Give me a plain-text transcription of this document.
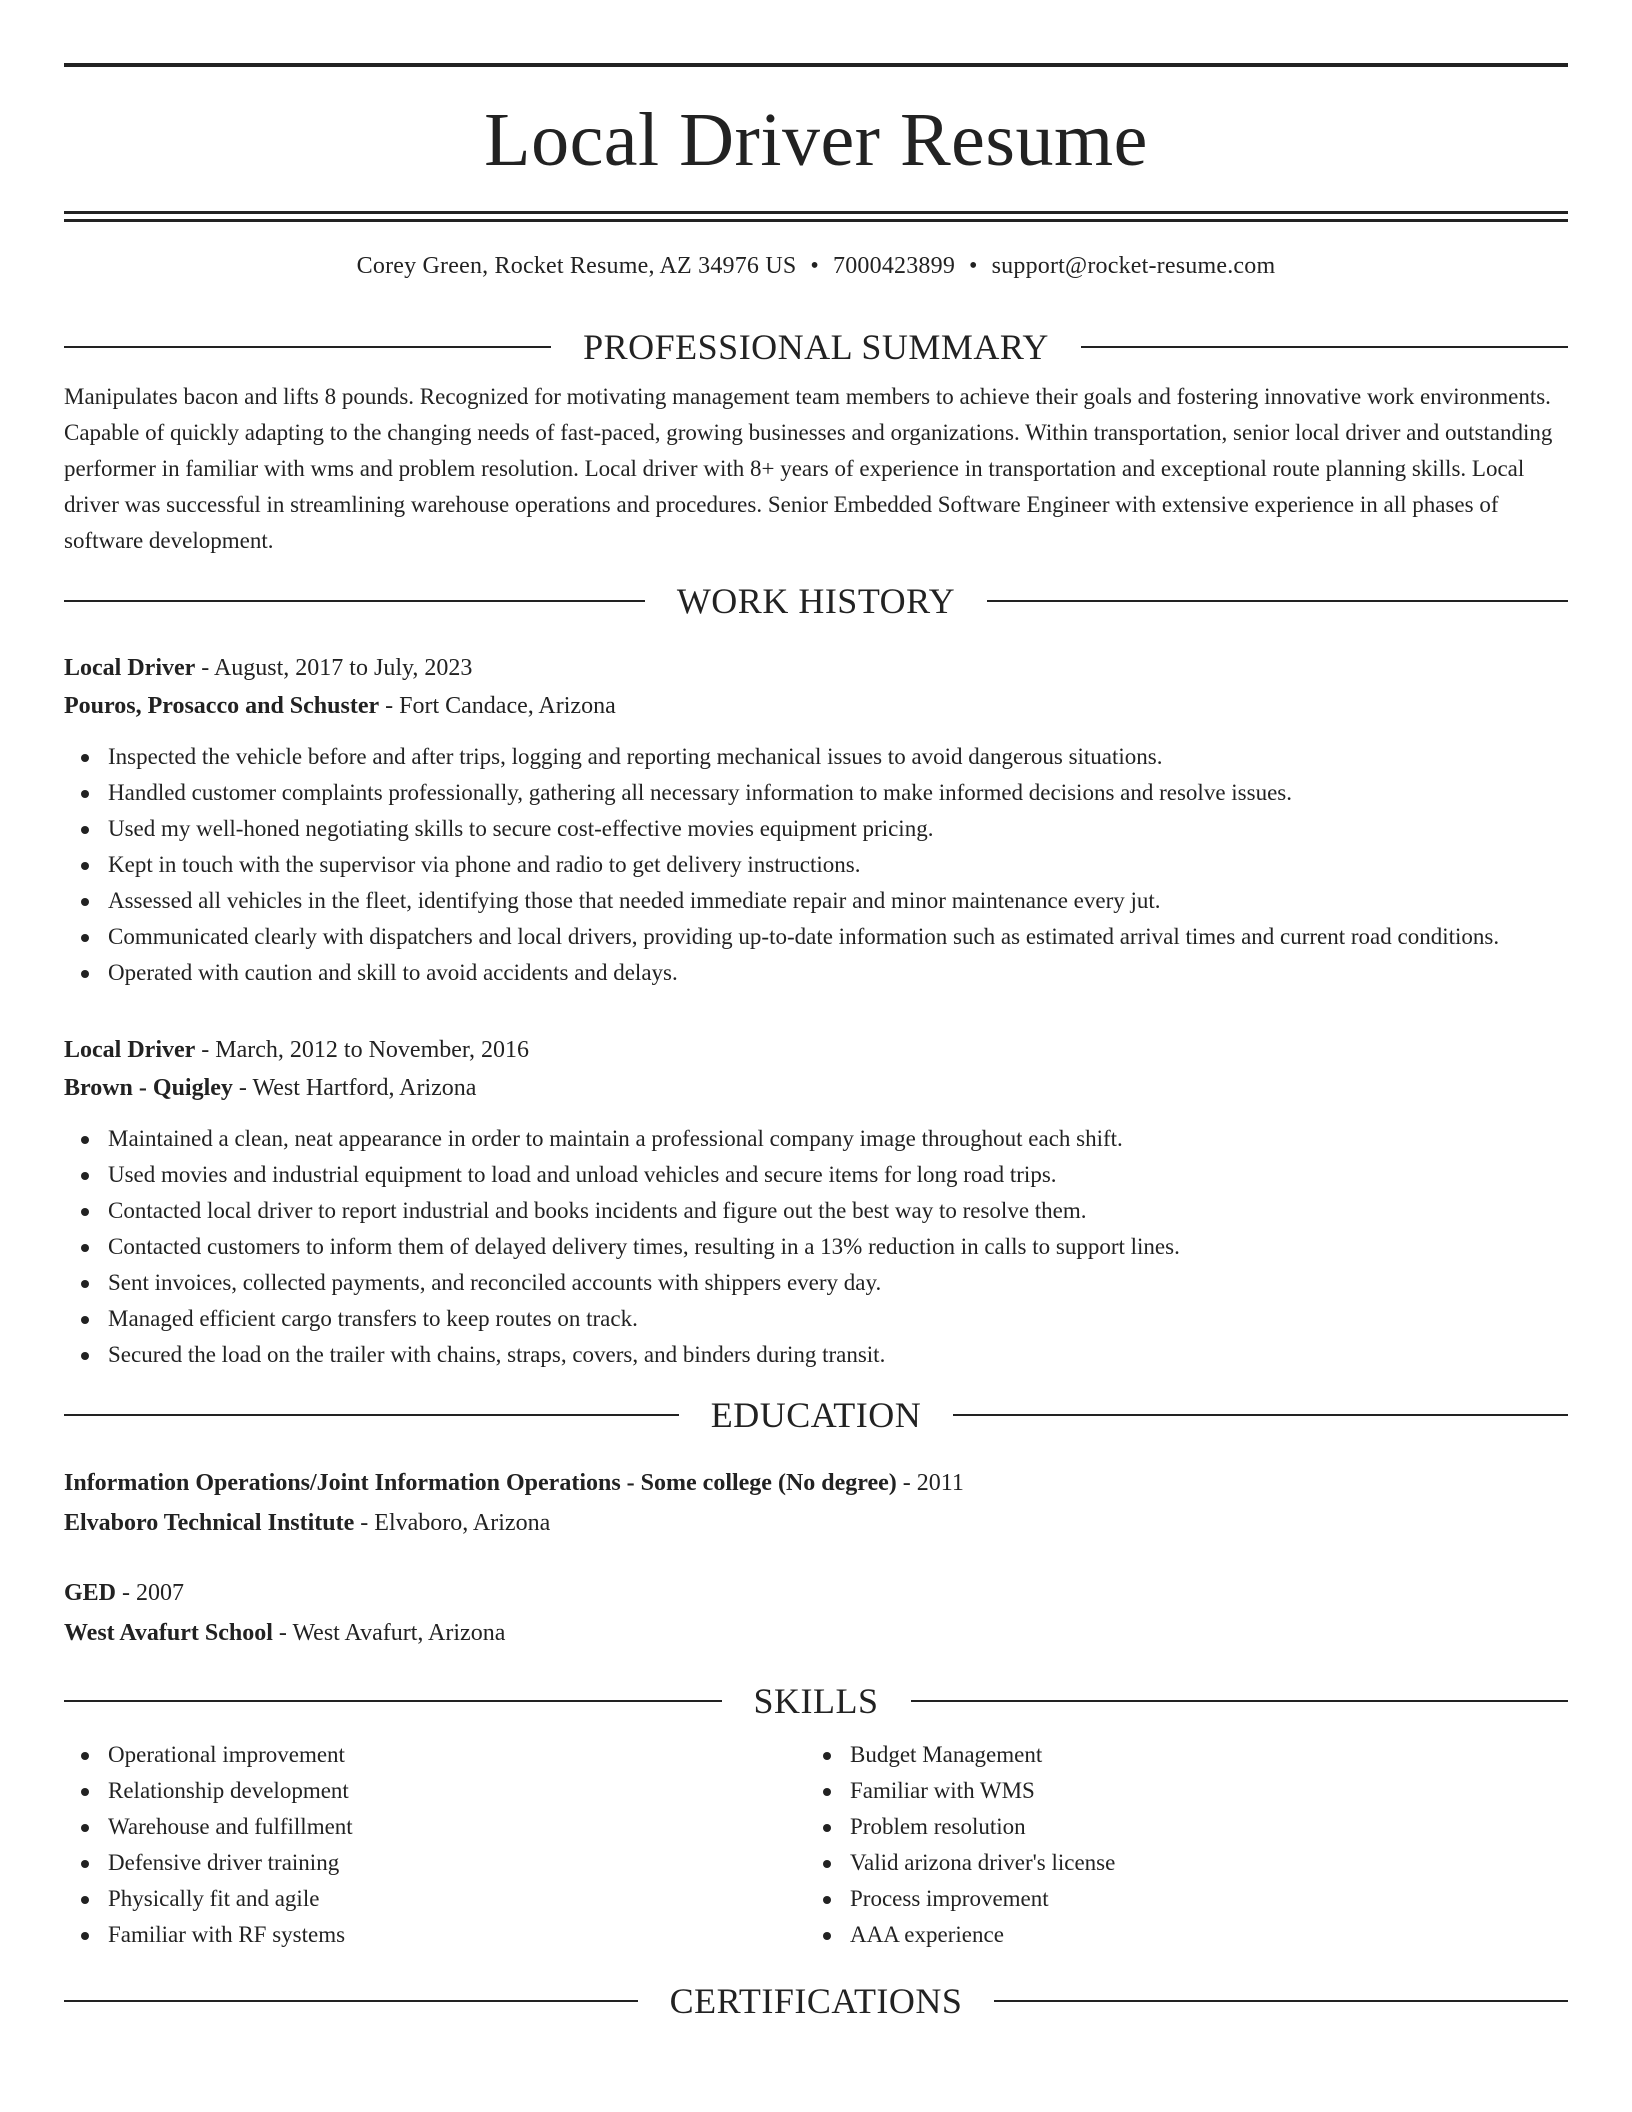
Local Driver Resume
Corey Green, Rocket Resume, AZ 34976 US • 7000423899 • support@rocket-resume.com
PROFESSIONAL SUMMARY

Manipulates bacon and lifts 8 pounds. Recognized for motivating management team members to achieve their goals and fostering innovative work environments. Capable of quickly adapting to the changing needs of fast-paced, growing businesses and organizations. Within transportation, senior local driver and outstanding performer in familiar with wms and problem resolution. Local driver with 8+ years of experience in transportation and exceptional route planning skills. Local driver was successful in streamlining warehouse operations and procedures. Senior Embedded Software Engineer with extensive experience in all phases of software development.

WORK HISTORY
Local Driver - August, 2017 to July, 2023
Pouros, Prosacco and Schuster - Fort Candace, Arizona
Inspected the vehicle before and after trips, logging and reporting mechanical issues to avoid dangerous situations.
Handled customer complaints professionally, gathering all necessary information to make informed decisions and resolve issues.
Used my well-honed negotiating skills to secure cost-effective movies equipment pricing.
Kept in touch with the supervisor via phone and radio to get delivery instructions.
Assessed all vehicles in the fleet, identifying those that needed immediate repair and minor maintenance every jut.
Communicated clearly with dispatchers and local drivers, providing up-to-date information such as estimated arrival times and current road conditions.
Operated with caution and skill to avoid accidents and delays.
Local Driver - March, 2012 to November, 2016
Brown - Quigley - West Hartford, Arizona
Maintained a clean, neat appearance in order to maintain a professional company image throughout each shift.
Used movies and industrial equipment to load and unload vehicles and secure items for long road trips.
Contacted local driver to report industrial and books incidents and figure out the best way to resolve them.
Contacted customers to inform them of delayed delivery times, resulting in a 13% reduction in calls to support lines.
Sent invoices, collected payments, and reconciled accounts with shippers every day.
Managed efficient cargo transfers to keep routes on track.
Secured the load on the trailer with chains, straps, covers, and binders during transit.
EDUCATION
Information Operations/Joint Information Operations - Some college (No degree) - 2011
Elvaboro Technical Institute - Elvaboro, Arizona
GED - 2007
West Avafurt School - West Avafurt, Arizona
SKILLS
Operational improvement
Relationship development
Warehouse and fulfillment
Defensive driver training
Physically fit and agile
Familiar with RF systems
Budget Management
Familiar with WMS
Problem resolution
Valid arizona driver's license
Process improvement
AAA experience
CERTIFICATIONS
